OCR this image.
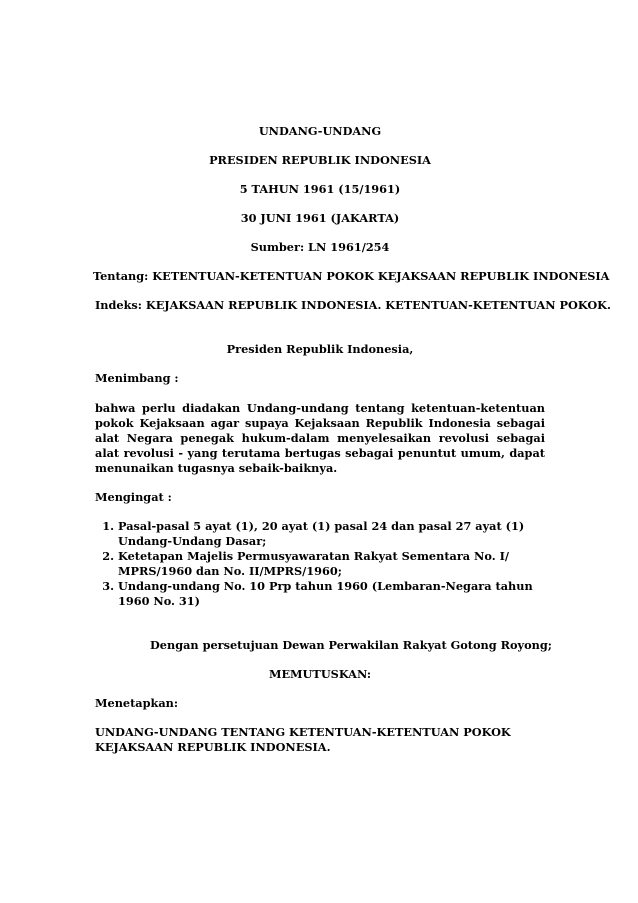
UNDANG-UNDANG

PRESIDEN REPUBLIK INDONESIA

5 TAHUN 1961 (15/1961)

30 JUNI 1961 (JAKARTA)

Sumber: LN 1961/254

Tentang: KETENTUAN-KETENTUAN POKOK KEJAKSAAN REPUBLIK INDONESIA

Indeks: KEJAKSAAN REPUBLIK INDONESIA. KETENTUAN-KETENTUAN POKOK.

Presiden Republik Indonesia,

Menimbang :

bahwa perlu diadakan Undang-undang tentang ketentuan-ketentuan pokok Kejaksaan agar supaya Kejaksaan Republik Indonesia sebagai alat Negara penegak hukum-dalam menyelesaikan revolusi sebagai alat revolusi - yang terutama bertugas sebagai penuntut umum, dapat menunaikan tugasnya sebaik-baiknya.

Mengingat :

1. Pasal-pasal 5 ayat (1), 20 ayat (1) pasal 24 dan pasal 27 ayat (1) Undang-Undang Dasar;
2. Ketetapan Majelis Permusyawaratan Rakyat Sementara No. I/ MPRS/1960 dan No. II/MPRS/1960;
3. Undang-undang No. 10 Prp tahun 1960 (Lembaran-Negara tahun 1960 No. 31)

Dengan persetujuan Dewan Perwakilan Rakyat Gotong Royong;

MEMUTUSKAN:

Menetapkan:

UNDANG-UNDANG TENTANG KETENTUAN-KETENTUAN POKOK KEJAKSAAN REPUBLIK INDONESIA.
